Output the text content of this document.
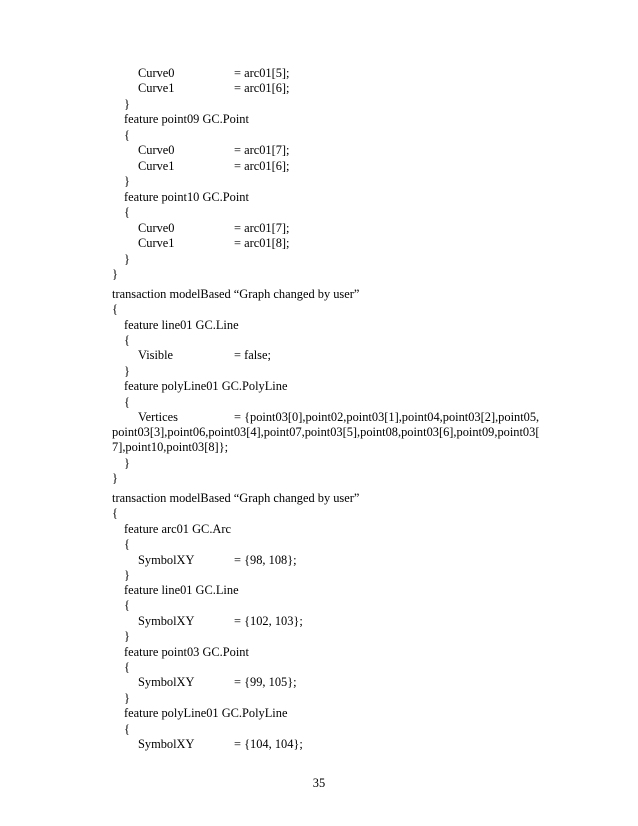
Curve0	= arc01[5];
Curve1	= arc01[6];
}
feature point09 GC.Point
{
Curve0	= arc01[7];
Curve1	= arc01[6];
}
feature point10 GC.Point
{
Curve0	= arc01[7];
Curve1	= arc01[8];
}
}
transaction modelBased “Graph changed by user”
{
feature line01 GC.Line
{
Visible	= false;
}
feature polyLine01 GC.PolyLine
{
Vertices	= {point03[0],point02,point03[1],point04,point03[2],point05,
point03[3],point06,point03[4],point07,point03[5],point08,point03[6],point09,point03[
7],point10,point03[8]};
}
}
transaction modelBased “Graph changed by user”
{
feature arc01 GC.Arc
{
SymbolXY	= {98, 108};
}
feature line01 GC.Line
{
SymbolXY	= {102, 103};
}
feature point03 GC.Point
{
SymbolXY	= {99, 105};
}
feature polyLine01 GC.PolyLine
{
SymbolXY	= {104, 104};
35
